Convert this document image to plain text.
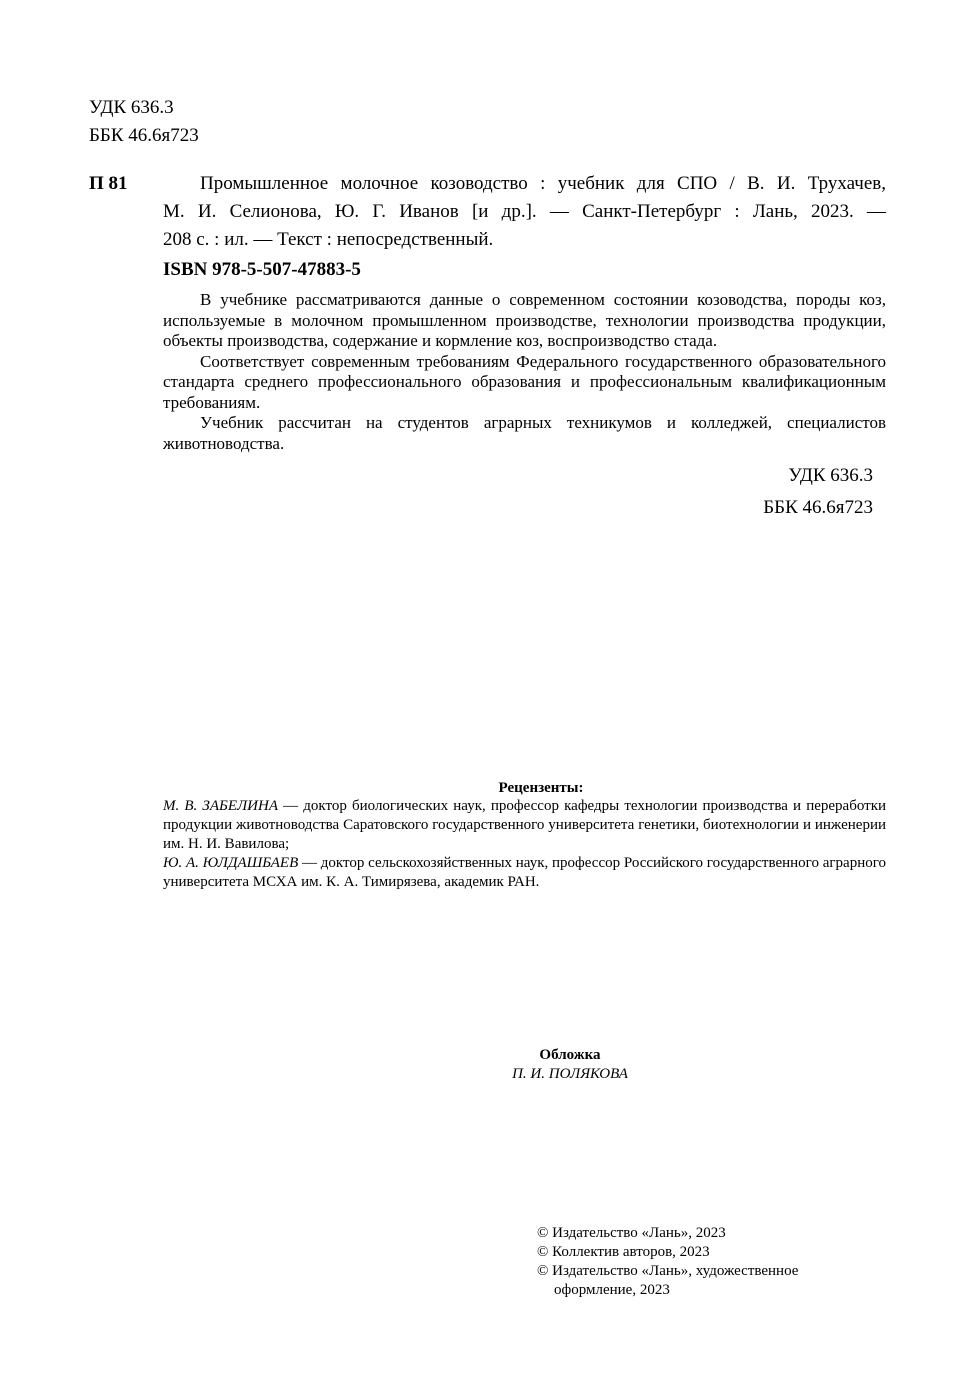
УДК 636.3
ББК 46.6я723
П 81	Промышленное молочное козоводство : учебник для СПО / В. И. Трухачев,
М. И. Селионова, Ю. Г. Иванов [и др.]. — Санкт-Петербург : Лань, 2023. —
208 с. : ил. — Текст : непосредственный.
ISBN 978-5-507-47883-5

В учебнике рассматриваются данные о современном состоянии козоводства, породы коз, используемые в молочном промышленном производстве, технологии производства продукции, объекты производства, содержание и кормление коз, воспроизводство стада.

Соответствует современным требованиям Федерального государственного образовательного стандарта среднего профессионального образования и профессиональным квалификационным требованиям.

Учебник рассчитан на студентов аграрных техникумов и колледжей, специалистов животноводства.

УДК 636.3
ББК 46.6я723
Рецензенты:

М. В. ЗАБЕЛИНА — доктор биологических наук, профессор кафедры технологии производства и переработки продукции животноводства Саратовского государственного университета генетики, биотехнологии и инженерии им. Н. И. Вавилова;

Ю. А. ЮЛДАШБАЕВ — доктор сельскохозяйственных наук, профессор Российского государственного аграрного университета МСХА им. К. А. Тимирязева, академик РАН.

Обложка
П. И. ПОЛЯКОВА

© Издательство «Лань», 2023

© Коллектив авторов, 2023

© Издательство «Лань», художественное

оформление, 2023
